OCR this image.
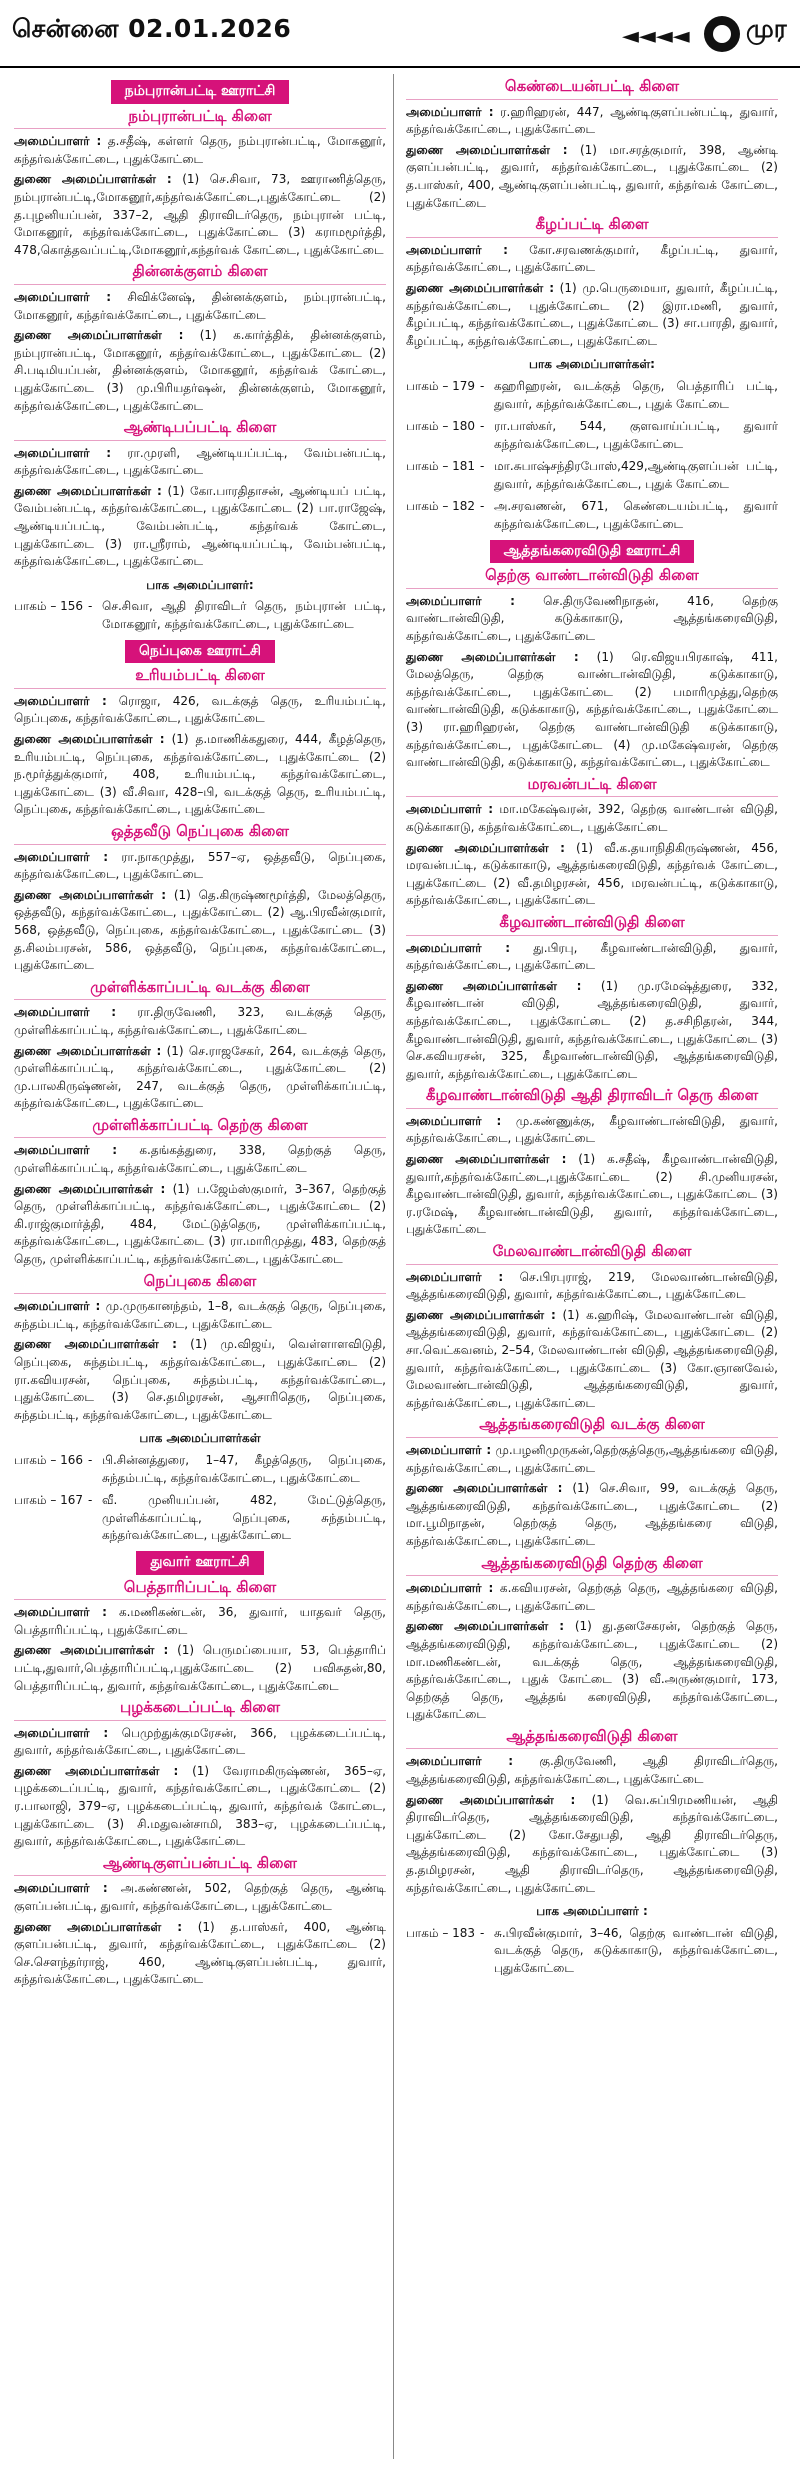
சென்னை 02.01.2026	◄◄◄◄ முர
நம்புரான்பட்டி ஊராட்சி
நம்புரான்பட்டி கிளை
அமைப்பாளர் : த.சதீஷ், கள்ளர் தெரு, நம்புரான்பட்டி, மோகனூர், கந்தர்வக்கோட்டை, புதுக்கோட்டை
துணை அமைப்பாளர்கள் : (1) செ.சிவா, 73, ஊராணித்தெரு, நம்புரான்பட்டி,மோகனூர்,கந்தர்வக்கோட்டை,புதுக்கோட்டை (2) த.புழனியப்பன், 337–2, ஆதி திராவிடர்தெரு, நம்புரான் பட்டி, மோகனூர், கந்தர்வக்கோட்டை, புதுக்கோட்டை (3) கராமமூர்த்தி, 478,கொத்தவப்பட்டி,மோகனூர்,கந்தர்வக் கோட்டை, புதுக்கோட்டை
தின்னக்குளம் கிளை
அமைப்பாளர் : சிவிக்னேஷ், தின்னக்குளம், நம்புரான்பட்டி, மோகனூர், கந்தர்வக்கோட்டை, புதுக்கோட்டை
துணை அமைப்பாளர்கள் : (1) க.கார்த்திக், தின்னக்குளம், நம்புரான்பட்டி, மோகனூர், கந்தர்வக்கோட்டை, புதுக்கோட்டை (2) சி.படிமியப்பன், தின்னக்குளம், மோகனூர், கந்தர்வக் கோட்டை, புதுக்கோட்டை (3) மு.பிரியதர்ஷன், தின்னக்குளம், மோகனூர், கந்தர்வக்கோட்டை, புதுக்கோட்டை
ஆண்டிபப்பட்டி கிளை
அமைப்பாளர் : ரா.முரளி, ஆண்டியப்பட்டி, வேம்பன்பட்டி, கந்தர்வக்கோட்டை, புதுக்கோட்டை
துணை அமைப்பாளர்கள் : (1) கோ.பாரதிதாசன், ஆண்டியப் பட்டி, வேம்பன்பட்டி, கந்தர்வக்கோட்டை, புதுக்கோட்டை (2) பா.ராஜேஷ், ஆண்டியப்பட்டி, வேம்பன்பட்டி, கந்தர்வக் கோட்டை, புதுக்கோட்டை (3) ரா.ஸ்ரீராம், ஆண்டியப்பட்டி, வேம்பன்பட்டி, கந்தர்வக்கோட்டை, புதுக்கோட்டை
பாக அமைப்பாளர்:
பாகம் – 156 - செ.சிவா, ஆதி திராவிடர் தெரு, நம்புரான் பட்டி, மோகனூர், கந்தர்வக்கோட்டை, புதுக்கோட்டை
நெப்புகை ஊராட்சி
உரியம்பட்டி கிளை
அமைப்பாளர் : ரொஜா, 426, வடக்குத் தெரு, உரியம்பட்டி, நெப்புகை, கந்தர்வக்கோட்டை, புதுக்கோட்டை
துணை அமைப்பாளர்கள் : (1) த.மாணிக்கதுரை, 444, கீழத்தெரு, உரியம்பட்டி, நெப்புகை, கந்தர்வக்கோட்டை, புதுக்கோட்டை (2) ந.மூர்த்துக்குமார், 408, உரியம்பட்டி, கந்தர்வக்கோட்டை, புதுக்கோட்டை (3) வீ.சிவா, 428–பி, வடக்குத் தெரு, உரியம்பட்டி, நெப்புகை, கந்தர்வக்கோட்டை, புதுக்கோட்டை
ஒத்தவீடு நெப்புகை கிளை
அமைப்பாளர் : ரா.நாகமுத்து, 557–ஏ, ஒத்தவீடு, நெப்புகை, கந்தர்வக்கோட்டை, புதுக்கோட்டை
துணை அமைப்பாளர்கள் : (1) தெ.கிருஷ்ணமூர்த்தி, மேலத்தெரு, ஒத்தவீடு, கந்தர்வக்கோட்டை, புதுக்கோட்டை (2) ஆ.பிரவீன்குமார், 568, ஒத்தவீடு, நெப்புகை, கந்தர்வக்கோட்டை, புதுக்கோட்டை (3) த.சிலம்பரசன், 586, ஒத்தவீடு, நெப்புகை, கந்தர்வக்கோட்டை, புதுக்கோட்டை
முள்ளிக்காப்பட்டி வடக்கு கிளை
அமைப்பாளர் : ரா.திருவேணி, 323, வடக்குத் தெரு, முள்ளிக்காப்பட்டி, கந்தர்வக்கோட்டை, புதுக்கோட்டை
துணை அமைப்பாளர்கள் : (1) செ.ராஜசேகர், 264, வடக்குத் தெரு, முள்ளிக்காப்பட்டி, கந்தர்வக்கோட்டை, புதுக்கோட்டை (2) மு.பாலகிருஷ்ணன், 247, வடக்குத் தெரு, முள்ளிக்காப்பட்டி, கந்தர்வக்கோட்டை, புதுக்கோட்டை
முள்ளிக்காப்பட்டி தெற்கு கிளை
அமைப்பாளர் : க.தங்கத்துரை, 338, தெற்குத் தெரு, முள்ளிக்காப்பட்டி, கந்தர்வக்கோட்டை, புதுக்கோட்டை
துணை அமைப்பாளர்கள் : (1) ப.ஜேம்ஸ்குமார், 3–367, தெற்குத் தெரு, முள்ளிக்காப்பட்டி, கந்தர்வக்கோட்டை, புதுக்கோட்டை (2) கி.ராஜ்குமார்த்தி, 484, மேட்டுத்தெரு, முள்ளிக்காப்பட்டி, கந்தர்வக்கோட்டை, புதுக்கோட்டை (3) ரா.மாரிமுத்து, 483, தெற்குத் தெரு, முள்ளிக்காப்பட்டி, கந்தர்வக்கோட்டை, புதுக்கோட்டை
நெப்புகை கிளை
அமைப்பாளர் : மு.முருகானந்தம், 1–8, வடக்குத் தெரு, நெப்புகை, சுந்தம்பட்டி, கந்தர்வக்கோட்டை, புதுக்கோட்டை
துணை அமைப்பாளர்கள் : (1) மு.விஜய், வெள்ளாளவிடுதி, நெப்புகை, சுந்தம்பட்டி, கந்தர்வக்கோட்டை, புதுக்கோட்டை (2) ரா.கவியரசன், நெப்புகை, சுந்தம்பட்டி, கந்தர்வக்கோட்டை, புதுக்கோட்டை (3) செ.தமிழரசன், ஆசாரிதெரு, நெப்புகை, சுந்தம்பட்டி, கந்தர்வக்கோட்டை, புதுக்கோட்டை
பாக அமைப்பாளர்கள்
பாகம் – 166 - பி.சின்னத்துரை, 1–47, கீழத்தெரு, நெப்புகை, சுந்தம்பட்டி, கந்தர்வக்கோட்டை, புதுக்கோட்டை
பாகம் – 167 - வீ. முனியப்பன், 482, மேட்டுத்தெரு, முள்ளிக்காப்பட்டி, நெப்புகை, சுந்தம்பட்டி, கந்தர்வக்கோட்டை, புதுக்கோட்டை
துவார் ஊராட்சி
பெத்தாரிப்பட்டி கிளை
அமைப்பாளர் : க.மணிகண்டன், 36, துவார், யாதவர் தெரு, பெத்தாரிப்பட்டி, புதுக்கோட்டை
துணை அமைப்பாளர்கள் : (1) பெருமப்பையா, 53, பெத்தாரிப் பட்டி,துவார்,பெத்தாரிப்பட்டி,புதுக்கோட்டை (2) பவிசுதன்,80, பெத்தாரிப்பட்டி, துவார், கந்தர்வக்கோட்டை, புதுக்கோட்டை
புழக்கடைப்பட்டி கிளை
அமைப்பாளர் : பெமுற்துக்குமரேசன், 366, புழக்கடைப்பட்டி, துவார், கந்தர்வக்கோட்டை, புதுக்கோட்டை
துணை அமைப்பாளர்கள் : (1) வேராமகிருஷ்ணன், 365–ஏ, புழக்கடைப்பட்டி, துவார், கந்தர்வக்கோட்டை, புதுக்கோட்டை (2) ர.பாலாஜி, 379–ஏ, புழக்கடைப்பட்டி, துவார், கந்தர்வக் கோட்டை, புதுக்கோட்டை (3) சி.மதுவன்சாமி, 383–ஏ, புழக்கடைப்பட்டி, துவார், கந்தர்வக்கோட்டை, புதுக்கோட்டை
ஆண்டிகுளப்பன்பட்டி கிளை
அமைப்பாளர் : அ.கண்ணன், 502, தெற்குத் தெரு, ஆண்டி குளப்பன்பட்டி, துவார், கந்தர்வக்கோட்டை, புதுக்கோட்டை
துணை அமைப்பாளர்கள் : (1) த.பாஸ்கர், 400, ஆண்டி குளப்பன்பட்டி, துவார், கந்தர்வக்கோட்டை, புதுக்கோட்டை (2) செ.சௌந்தர்ராஜ், 460, ஆண்டிகுளப்பன்பட்டி, துவார், கந்தர்வக்கோட்டை, புதுக்கோட்டை
கெண்டையன்பட்டி கிளை
அமைப்பாளர் : ர.ஹரிஹரன், 447, ஆண்டிகுளப்பன்பட்டி, துவார், கந்தர்வக்கோட்டை, புதுக்கோட்டை
துணை அமைப்பாளர்கள் : (1) மா.சரத்குமார், 398, ஆண்டி குளப்பன்பட்டி, துவார், கந்தர்வக்கோட்டை, புதுக்கோட்டை (2) த.பாஸ்கர், 400, ஆண்டிகுளப்பன்பட்டி, துவார், கந்தர்வக் கோட்டை, புதுக்கோட்டை
கீழப்பட்டி கிளை
அமைப்பாளர் : கோ.சரவணக்குமார், கீழப்பட்டி, துவார், கந்தர்வக்கோட்டை, புதுக்கோட்டை
துணை அமைப்பாளர்கள் : (1) மு.பெருமையா, துவார், கீழப்பட்டி, கந்தர்வக்கோட்டை, புதுக்கோட்டை (2) இரா.மணி, துவார், கீழப்பட்டி, கந்தர்வக்கோட்டை, புதுக்கோட்டை (3) சா.பாரதி, துவார், கீழப்பட்டி, கந்தர்வக்கோட்டை, புதுக்கோட்டை
பாக அமைப்பாளர்கள்:
பாகம் – 179 - கஹரிஹரன், வடக்குத் தெரு, பெத்தாரிப் பட்டி, துவார், கந்தர்வக்கோட்டை, புதுக் கோட்டை
பாகம் – 180 - ரா.பாஸ்கர், 544, குளவாய்ப்பட்டி, துவார் கந்தர்வக்கோட்டை, புதுக்கோட்டை
பாகம் – 181 - மா.சுபாஷ்சந்திரபோஸ்,429,ஆண்டிகுளப்பன் பட்டி, துவார், கந்தர்வக்கோட்டை, புதுக் கோட்டை
பாகம் – 182 - அ.சரவணன், 671, கெண்டையம்பட்டி, துவார் கந்தர்வக்கோட்டை, புதுக்கோட்டை
ஆத்தங்கரைவிடுதி ஊராட்சி
தெற்கு வாண்டான்விடுதி கிளை
அமைப்பாளர் : செ.திருவேணிநாதன், 416, தெற்கு வாண்டான்விடுதி, கடுக்காகாடு, ஆத்தங்கரைவிடுதி, கந்தர்வக்கோட்டை, புதுக்கோட்டை
துணை அமைப்பாளர்கள் : (1) ரெ.விஜயபிரகாஷ், 411, மேலத்தெரு, தெற்கு வாண்டான்விடுதி, கடுக்காகாடு, கந்தர்வக்கோட்டை, புதுக்கோட்டை (2) பமாரிமுத்து,தெற்கு வாண்டான்விடுதி, கடுக்காகாடு, கந்தர்வக்கோட்டை, புதுக்கோட்டை (3) ரா.ஹரிஹரன், தெற்கு வாண்டான்விடுதி கடுக்காகாடு, கந்தர்வக்கோட்டை, புதுக்கோட்டை (4) மு.மகேஷ்வரன், தெற்கு வாண்டான்விடுதி, கடுக்காகாடு, கந்தர்வக்கோட்டை, புதுக்கோட்டை
மரவன்பட்டி கிளை
அமைப்பாளர் : மா.மகேஷ்வரன், 392, தெற்கு வாண்டான் விடுதி, கடுக்காகாடு, கந்தர்வக்கோட்டை, புதுக்கோட்டை
துணை அமைப்பாளர்கள் : (1) வீ.க.தயாநிதிகிருஷ்ணன், 456, மரவன்பட்டி, கடுக்காகாடு, ஆத்தங்கரைவிடுதி, கந்தர்வக் கோட்டை, புதுக்கோட்டை (2) வீ.தமிழரசன், 456, மரவன்பட்டி, கடுக்காகாடு, கந்தர்வக்கோட்டை, புதுக்கோட்டை
கீழவாண்டான்விடுதி கிளை
அமைப்பாளர் : து.பிரபு, கீழவாண்டான்விடுதி, துவார், கந்தர்வக்கோட்டை, புதுக்கோட்டை
துணை அமைப்பாளர்கள் : (1) மு.ரமேஷ்த்துரை, 332, கீழவாண்டான் விடுதி, ஆத்தங்கரைவிடுதி, துவார், கந்தர்வக்கோட்டை, புதுக்கோட்டை (2) த.சசிநிதரன், 344, கீழவாண்டான்விடுதி, துவார், கந்தர்வக்கோட்டை, புதுக்கோட்டை (3) செ.கவியரசன், 325, கீழவாண்டான்விடுதி, ஆத்தங்கரைவிடுதி, துவார், கந்தர்வக்கோட்டை, புதுக்கோட்டை
கீழவாண்டான்விடுதி ஆதி திராவிடர் தெரு கிளை
அமைப்பாளர் : மு.கண்ணுக்கு, கீழவாண்டான்விடுதி, துவார், கந்தர்வக்கோட்டை, புதுக்கோட்டை
துணை அமைப்பாளர்கள் : (1) க.சதீஷ், கீழவாண்டான்விடுதி, துவார்,கந்தர்வக்கோட்டை,புதுக்கோட்டை (2) சி.முனியரசன், கீழவாண்டான்விடுதி, துவார், கந்தர்வக்கோட்டை, புதுக்கோட்டை (3) ர.ரமேஷ், கீழவாண்டான்விடுதி, துவார், கந்தர்வக்கோட்டை, புதுக்கோட்டை
மேலவாண்டான்விடுதி கிளை
அமைப்பாளர் : செ.பிரபுராஜ், 219, மேலவாண்டான்விடுதி, ஆத்தங்கரைவிடுதி, துவார், கந்தர்வக்கோட்டை, புதுக்கோட்டை
துணை அமைப்பாளர்கள் : (1) க.ஹரிஷ், மேலவாண்டான் விடுதி, ஆத்தங்கரைவிடுதி, துவார், கந்தர்வக்கோட்டை, புதுக்கோட்டை (2) சா.வெட்கவனம், 2–54, மேலவாண்டான் விடுதி, ஆத்தங்கரைவிடுதி, துவார், கந்தர்வக்கோட்டை, புதுக்கோட்டை (3) கோ.ஞானவேல், மேலவாண்டான்விடுதி, ஆத்தங்கரைவிடுதி, துவார், கந்தர்வக்கோட்டை, புதுக்கோட்டை
ஆத்தங்கரைவிடுதி வடக்கு கிளை
அமைப்பாளர் : மு.பழனிமுருகன்,தெற்குத்தெரு,ஆத்தங்கரை விடுதி, கந்தர்வக்கோட்டை, புதுக்கோட்டை
துணை அமைப்பாளர்கள் : (1) செ.சிவா, 99, வடக்குத் தெரு, ஆத்தங்கரைவிடுதி, கந்தர்வக்கோட்டை, புதுக்கோட்டை (2) மா.பூமிநாதன், தெற்குத் தெரு, ஆத்தங்கரை விடுதி, கந்தர்வக்கோட்டை, புதுக்கோட்டை
ஆத்தங்கரைவிடுதி தெற்கு கிளை
அமைப்பாளர் : க.கவியரசன், தெற்குத் தெரு, ஆத்தங்கரை விடுதி, கந்தர்வக்கோட்டை, புதுக்கோட்டை
துணை அமைப்பாளர்கள் : (1) து.தனசேகரன், தெற்குத் தெரு, ஆத்தங்கரைவிடுதி, கந்தர்வக்கோட்டை, புதுக்கோட்டை (2) மா.மணிகண்டன், வடக்குத் தெரு, ஆத்தங்கரைவிடுதி, கந்தர்வக்கோட்டை, புதுக் கோட்டை (3) வீ.அருண்குமார், 173, தெற்குத் தெரு, ஆத்தங் கரைவிடுதி, கந்தர்வக்கோட்டை, புதுக்கோட்டை
ஆத்தங்கரைவிடுதி கிளை
அமைப்பாளர் : கு.திருவேணி, ஆதி திராவிடர்தெரு, ஆத்தங்கரைவிடுதி, கந்தர்வக்கோட்டை, புதுக்கோட்டை
துணை அமைப்பாளர்கள் : (1) வெ.சுப்பிரமணியன், ஆதி திராவிடர்தெரு, ஆத்தங்கரைவிடுதி, கந்தர்வக்கோட்டை, புதுக்கோட்டை (2) கோ.சேதுபதி, ஆதி திராவிடர்தெரு, ஆத்தங்கரைவிடுதி, கந்தர்வக்கோட்டை, புதுக்கோட்டை (3) த.தமிழரசன், ஆதி திராவிடர்தெரு, ஆத்தங்கரைவிடுதி, கந்தர்வக்கோட்டை, புதுக்கோட்டை
பாக அமைப்பாளர் :
பாகம் – 183 - சு.பிரவீன்குமார், 3–46, தெற்கு வாண்டான் விடுதி, வடக்குத் தெரு, கடுக்காகாடு, கந்தர்வக்கோட்டை, புதுக்கோட்டை
